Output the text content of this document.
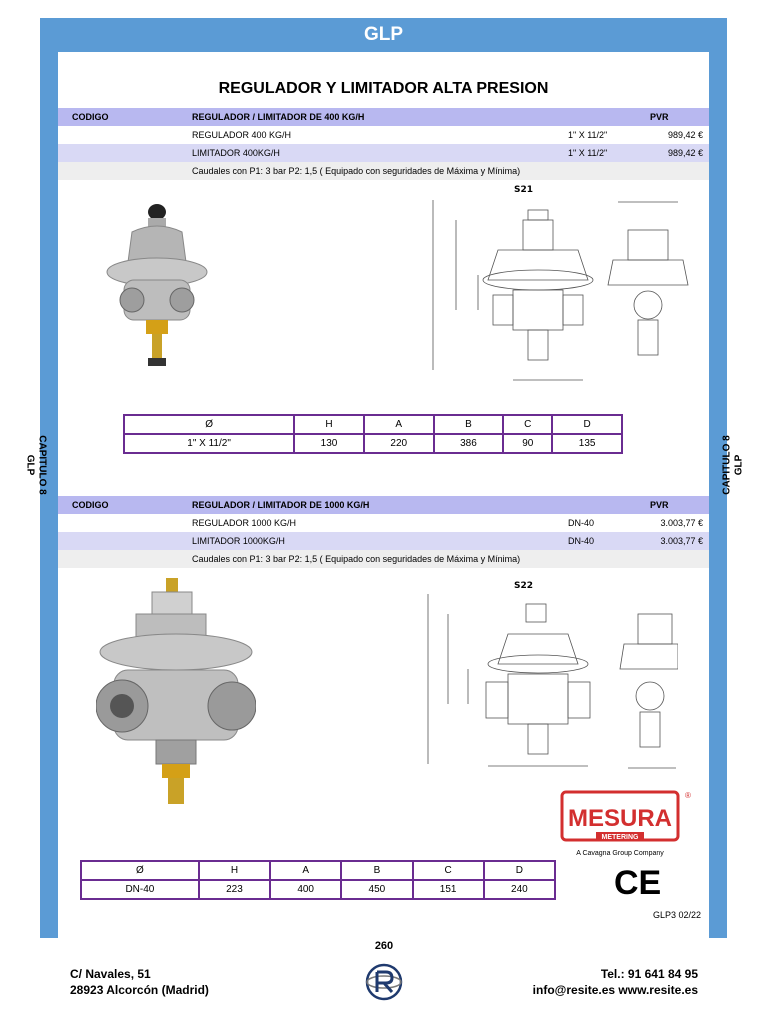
GLP
REGULADOR Y LIMITADOR ALTA PRESION
CODIGO	REGULADOR / LIMITADOR DE 400 KG/H	PVR
REGULADOR 400 KG/H	1" X 11/2"	989,42 €
LIMITADOR 400KG/H	1" X 11/2"	989,42 €
Caudales con P1: 3 bar P2: 1,5 ( Equipado con seguridades de Máxima y Mínima)
S21
Ø	H	A	B	C	D
1" X 11/2"	130	220	386	90	135
CODIGO	REGULADOR / LIMITADOR DE 1000 KG/H	PVR
REGULADOR 1000 KG/H	DN-40	3.003,77 €
LIMITADOR 1000KG/H	DN-40	3.003,77 €
Caudales con P1: 3 bar P2: 1,5 ( Equipado con seguridades de Máxima y Mínima)
S22
MESURA
METERING
®
A Cavagna Group Company
CE
Ø	H	A	B	C	D
DN-40	223	400	450	151	240
GLP3 02/22
CAPITULO 8
GLP	CAPITULO 8 GLP
260
C/ Navales, 51
28923 Alcorcón (Madrid)
Tel.: 91 641 84 95
info@resite.es www.resite.es
